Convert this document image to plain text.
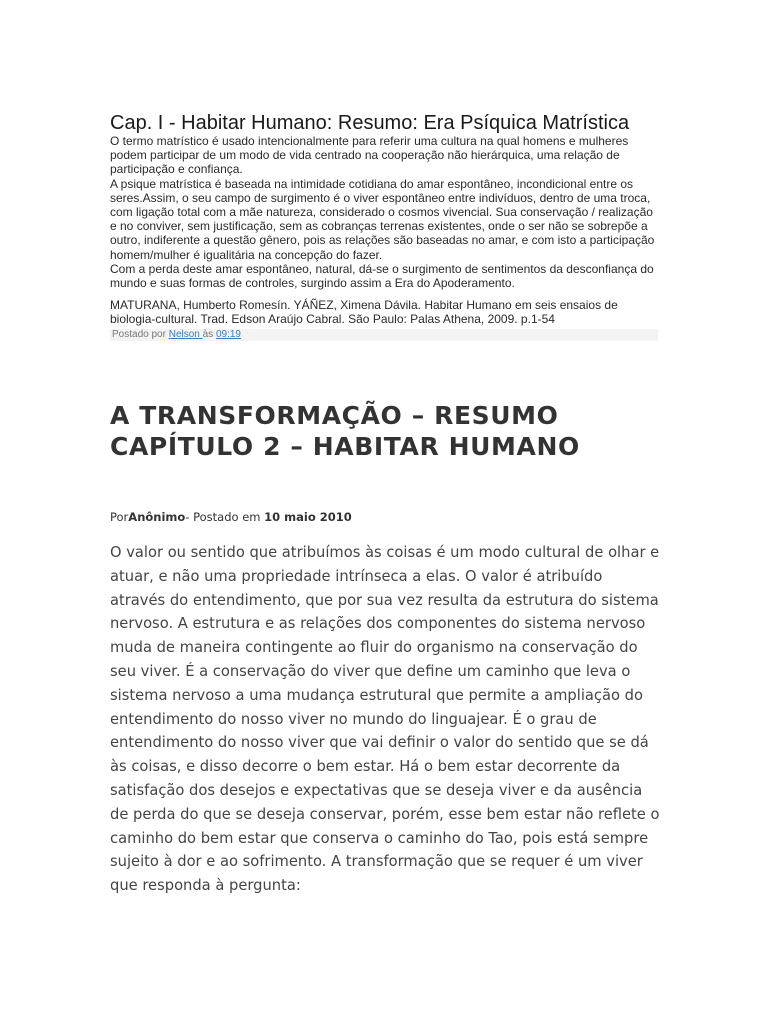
Cap. I - Habitar Humano: Resumo: Era Psíquica Matrística

O termo matrístico é usado intencionalmente para referir uma cultura na qual homens e mulheres podem participar de um modo de vida centrado na cooperação não hierárquica, uma relação de participação e confiança.

A psique matrística é baseada na intimidade cotidiana do amar espontâneo, incondicional entre os seres.Assim, o seu campo de surgimento é o viver espontâneo entre indivíduos, dentro de uma troca, com ligação total com a mãe natureza, considerado o cosmos vivencial. Sua conservação / realização e no conviver, sem justificação, sem as cobranças terrenas existentes, onde o ser não se sobrepõe a outro, indiferente a questão gênero, pois as relações são baseadas no amar, e com isto a participação homem/mulher é igualitária na concepção do fazer.

Com a perda deste amar espontâneo, natural, dá-se o surgimento de sentimentos da desconfiança do mundo e suas formas de controles, surgindo assim a Era do Apoderamento.

MATURANA, Humberto Romesín. YÁÑEZ, Ximena Dávila. Habitar Humano em seis ensaios de biologia-cultural. Trad. Edson Araújo Cabral. São Paulo: Palas Athena, 2009. p.1-54

Postado por Nelson às 09:19
A TRANSFORMAÇÃO – RESUMO CAPÍTULO 2 – HABITAR HUMANO
PorAnônimo- Postado em 10 maio 2010
O valor ou sentido que atribuímos às coisas é um modo cultural de olhar e atuar, e não uma propriedade intrínseca a elas. O valor é atribuído através do entendimento, que por sua vez resulta da estrutura do sistema nervoso. A estrutura e as relações dos componentes do sistema nervoso muda de maneira contingente ao fluir do organismo na conservação do seu viver. É a conservação do viver que define um caminho que leva o sistema nervoso a uma mudança estrutural que permite a ampliação do entendimento do nosso viver no mundo do linguajear. É o grau de entendimento do nosso viver que vai definir o valor do sentido que se dá às coisas, e disso decorre o bem estar. Há o bem estar decorrente da satisfação dos desejos e expectativas que se deseja viver e da ausência de perda do que se deseja conservar, porém, esse bem estar não reflete o caminho do bem estar que conserva o caminho do Tao, pois está sempre sujeito à dor e ao sofrimento. A transformação que se requer é um viver que responda à pergunta:
